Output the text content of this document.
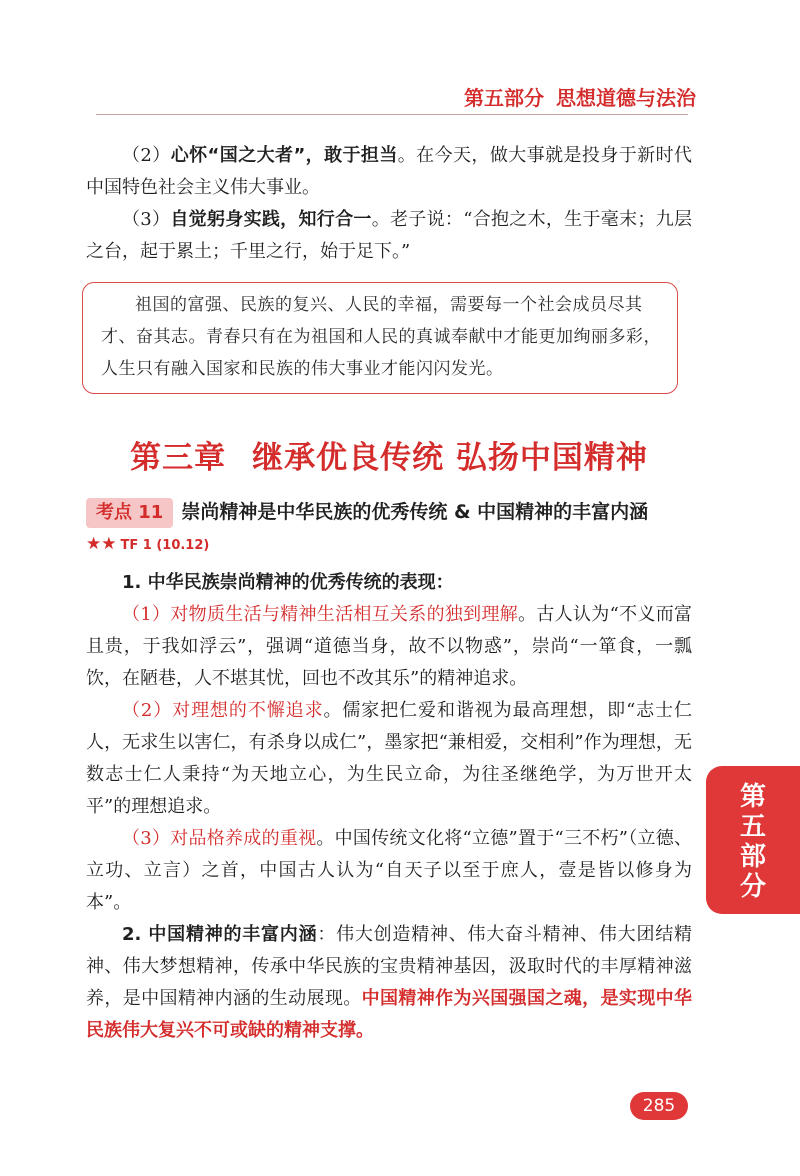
第五部分 思想道德与法治

（2）心怀“国之大者”，敢于担当。在今天，做大事就是投身于新时代中国特色社会主义伟大事业。

（3）自觉躬身实践，知行合一。老子说：“合抱之木，生于毫末；九层之台，起于累土；千里之行，始于足下。”

祖国的富强、民族的复兴、人民的幸福，需要每一个社会成员尽其才、奋其志。青春只有在为祖国和人民的真诚奉献中才能更加绚丽多彩，人生只有融入国家和民族的伟大事业才能闪闪发光。
第三章 继承优良传统 弘扬中国精神
考点 11 崇尚精神是中华民族的优秀传统 & 中国精神的丰富内涵★★ TF 1 (10.12)

1. 中华民族崇尚精神的优秀传统的表现：

（1）对物质生活与精神生活相互关系的独到理解。古人认为“不义而富且贵，于我如浮云”，强调“道德当身，故不以物惑”，崇尚“一箪食，一瓢饮，在陋巷，人不堪其忧，回也不改其乐”的精神追求。

（2）对理想的不懈追求。儒家把仁爱和谐视为最高理想，即“志士仁人，无求生以害仁，有杀身以成仁”，墨家把“兼相爱，交相利”作为理想，无数志士仁人秉持“为天地立心，为生民立命，为往圣继绝学，为万世开太平”的理想追求。

（3）对品格养成的重视。中国传统文化将“立德”置于“三不朽”（立德、立功、立言）之首，中国古人认为“自天子以至于庶人，壹是皆以修身为本”。

2. 中国精神的丰富内涵：伟大创造精神、伟大奋斗精神、伟大团结精神、伟大梦想精神，传承中华民族的宝贵精神基因，汲取时代的丰厚精神滋养，是中国精神内涵的生动展现。中国精神作为兴国强国之魂，是实现中华民族伟大复兴不可或缺的精神支撑。

第
五
部
分
285
